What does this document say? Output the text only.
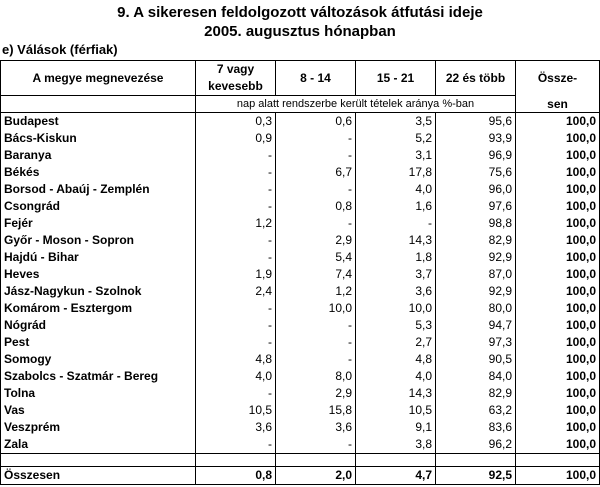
9. A sikeresen feldolgozott változások átfutási ideje
2005. augusztus hónapban
e) Válások (férfiak)
A megye megnevezése	7 vagy	8 - 14	15 - 21	22 és több	Össze-
	kevesebb				
	nap alatt rendszerbe került tételek aránya %-ban				sen
Budapest	0,3	0,6	3,5	95,6	100,0
Bács-Kiskun	0,9	-	5,2	93,9	100,0
Baranya	-	-	3,1	96,9	100,0
Békés	-	6,7	17,8	75,6	100,0
Borsod - Abaúj - Zemplén	-	-	4,0	96,0	100,0
Csongrád	-	0,8	1,6	97,6	100,0
Fejér	1,2	-	-	98,8	100,0
Győr - Moson - Sopron	-	2,9	14,3	82,9	100,0
Hajdú - Bihar	-	5,4	1,8	92,9	100,0
Heves	1,9	7,4	3,7	87,0	100,0
Jász-Nagykun - Szolnok	2,4	1,2	3,6	92,9	100,0
Komárom - Esztergom	-	10,0	10,0	80,0	100,0
Nógrád	-	-	5,3	94,7	100,0
Pest	-	-	2,7	97,3	100,0
Somogy	4,8	-	4,8	90,5	100,0
Szabolcs - Szatmár - Bereg	4,0	8,0	4,0	84,0	100,0
Tolna	-	2,9	14,3	82,9	100,0
Vas	10,5	15,8	10,5	63,2	100,0
Veszprém	3,6	3,6	9,1	83,6	100,0
Zala	-	-	3,8	96,2	100,0

Összesen	0,8	2,0	4,7	92,5	100,0
